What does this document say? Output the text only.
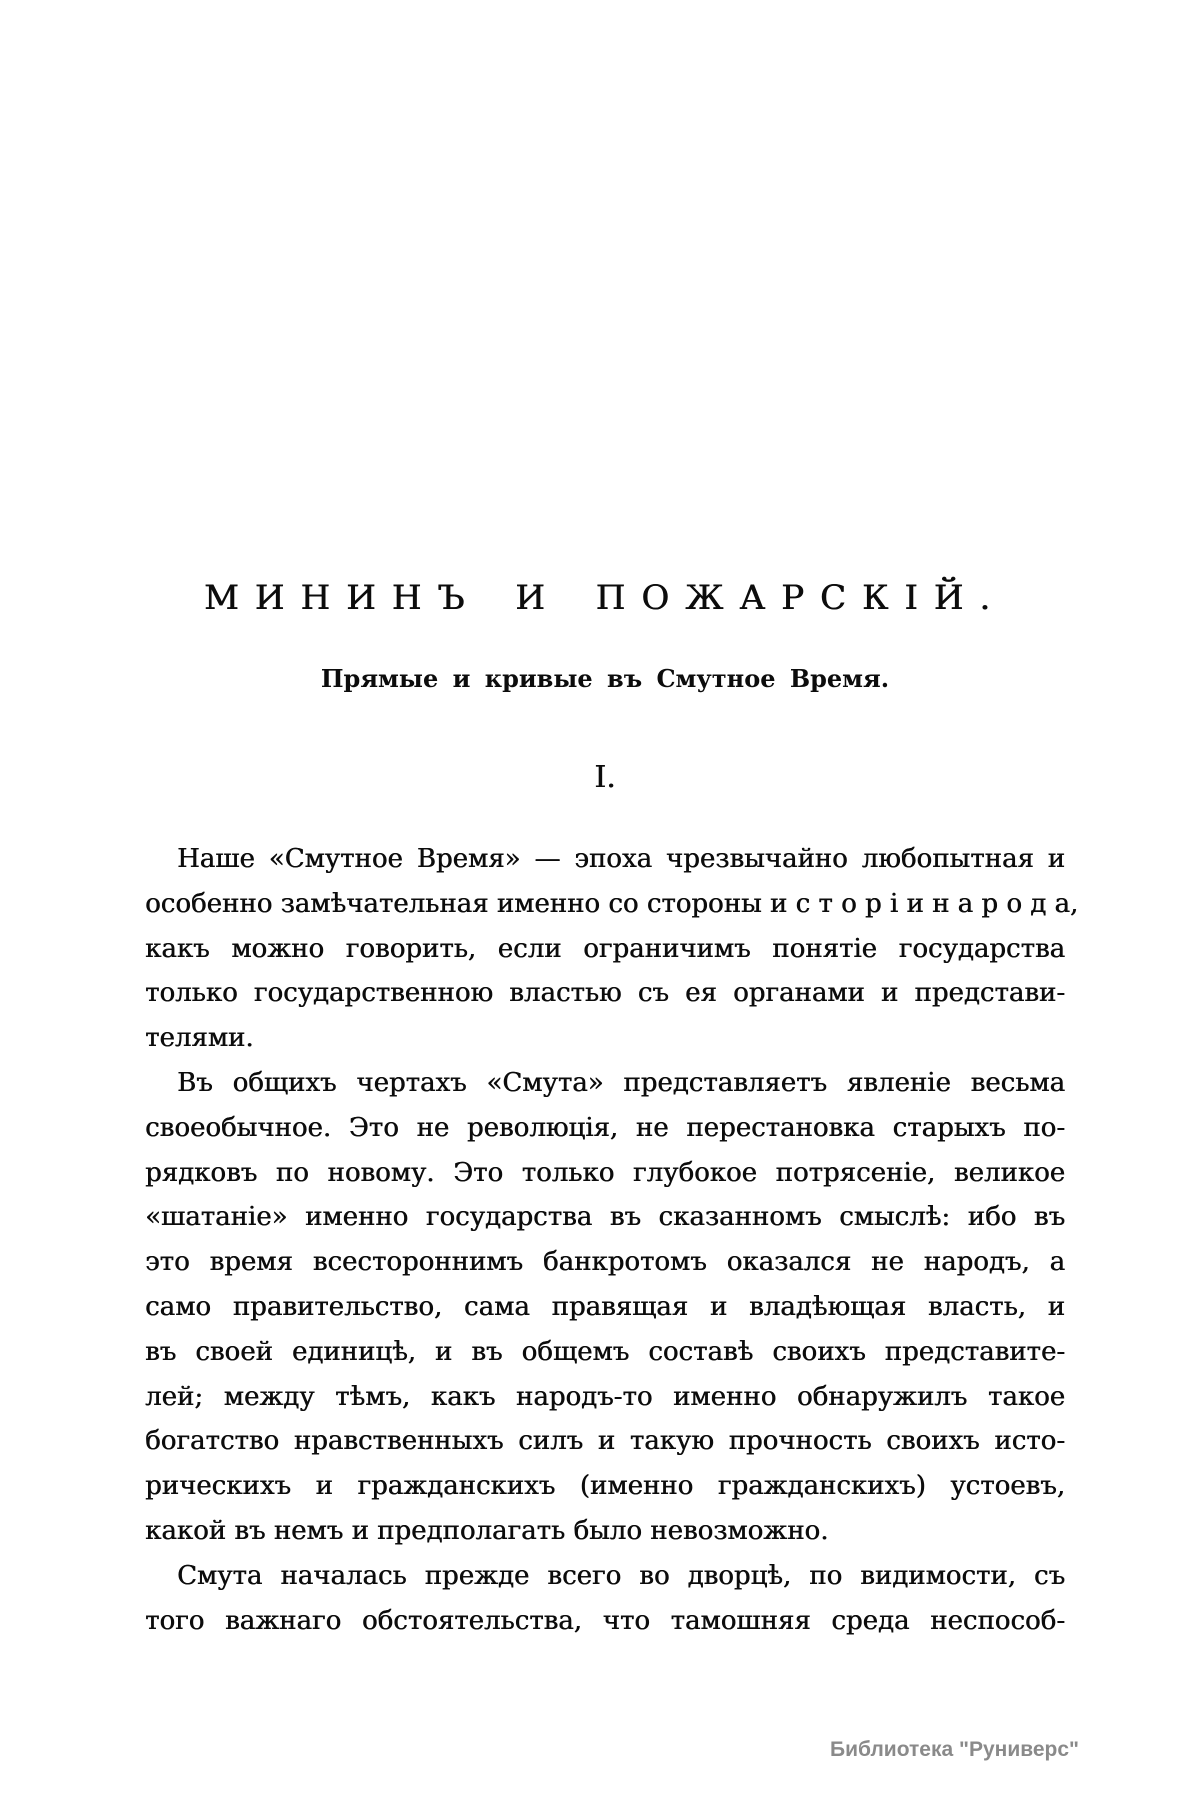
МИНИНЪ И ПОЖАРСКІЙ.
Прямые и кривые въ Смутное Время.
I.
Наше «Смутное Время» — эпоха чрезвычайно любопытная и
особенно замѣчательная именно со стороны и с т о р і и н а р о д а,
какъ можно говорить, если ограничимъ понятіе государства
только государственною властью съ ея органами и представи-
телями.
Въ общихъ чертахъ «Смута» представляетъ явленіе весьма
своеобычное. Это не революція, не перестановка старыхъ по-
рядковъ по новому. Это только глубокое потрясеніе, великое
«шатаніе» именно государства въ сказанномъ смыслѣ: ибо въ
это время всестороннимъ банкротомъ оказался не народъ, а
само правительство, сама правящая и владѣющая власть, и
въ своей единицѣ, и въ общемъ составѣ своихъ представите-
лей; между тѣмъ, какъ народъ-то именно обнаружилъ такое
богатство нравственныхъ силъ и такую прочность своихъ исто-
рическихъ и гражданскихъ (именно гражданскихъ) устоевъ,
какой въ немъ и предполагать было невозможно.
Смута началась прежде всего во дворцѣ, по видимости, съ
того важнаго обстоятельства, что тамошняя среда неспособ-
Библиотека "Руниверс"
